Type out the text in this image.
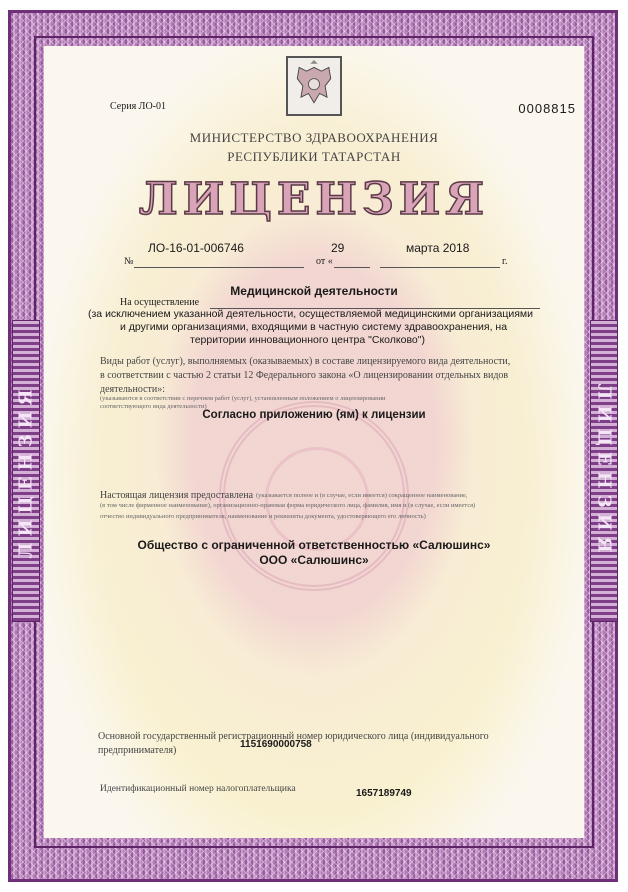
ЛИЦЕНЗИЯ	ЛИЦЕНЗИЯ
Серия ЛО-01	0008815
МИНИСТЕРСТВО ЗДРАВООХРАНЕНИЯ
РЕСПУБЛИКИ ТАТАРСТАН
ЛИЦЕНЗИЯ
№
ЛО-16-01-006746
от «
29	марта 2018
г.
Медицинской деятельности
На осуществление
(за исключением указанной деятельности, осуществляемой медицинскими организациями
и другими организациями, входящими в частную систему здравоохранения, на
территории инновационного центра "Сколково")
Виды работ (услуг), выполняемых (оказываемых) в составе лицензируемого вида деятельности,
в соответствии с частью 2 статьи 12 Федерального закона «О лицензировании отдельных видов
деятельности»:
(указываются в соответствии с перечнем работ (услуг), установленным положением о лицензировании
соответствующего вида деятельности)
Согласно приложению (ям) к лицензии
Настоящая лицензия предоставлена (указывается полное и (в случае, если имеется) сокращенное наименование,
(в том числе фирменное наименование), организационно-правовая форма юридического лица, фамилия, имя и (в случае, если имеется)
отчество индивидуального предпринимателя, наименование и реквизиты документа, удостоверяющего его личность)
Общество с ограниченной ответственностью «Салюшинс»
ООО «Салюшинс»
Основной государственный регистрационный номер юридического лица (индивидуального
предпринимателя)
1151690000758
Идентификационный номер налогоплательщика	1657189749
